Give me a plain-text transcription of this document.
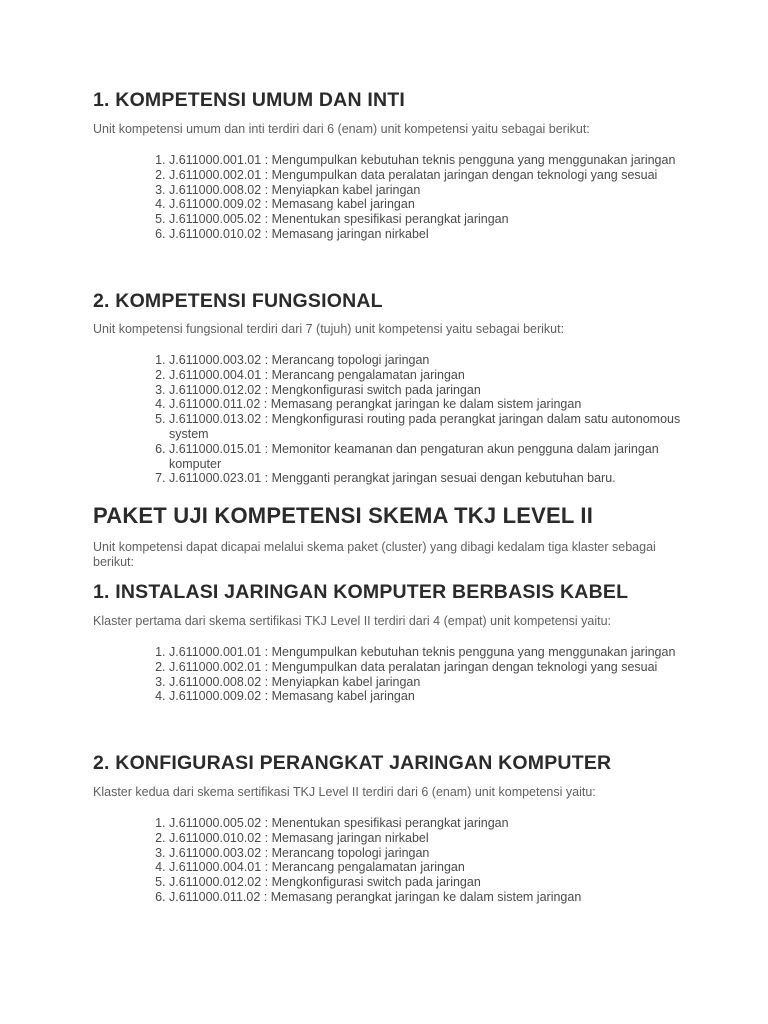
1. KOMPETENSI UMUM DAN INTI

Unit kompetensi umum dan inti terdiri dari 6 (enam) unit kompetensi yaitu sebagai berikut:

1. J.611000.001.01 : Mengumpulkan kebutuhan teknis pengguna yang menggunakan jaringan
2. J.611000.002.01 : Mengumpulkan data peralatan jaringan dengan teknologi yang sesuai
3. J.611000.008.02 : Menyiapkan kabel jaringan
4. J.611000.009.02 : Memasang kabel jaringan
5. J.611000.005.02 : Menentukan spesifikasi perangkat jaringan
6. J.611000.010.02 : Memasang jaringan nirkabel
2. KOMPETENSI FUNGSIONAL

Unit kompetensi fungsional terdiri dari 7 (tujuh) unit kompetensi yaitu sebagai berikut:

1. J.611000.003.02 : Merancang topologi jaringan
2. J.611000.004.01 : Merancang pengalamatan jaringan
3. J.611000.012.02 : Mengkonfigurasi switch pada jaringan
4. J.611000.011.02 : Memasang perangkat jaringan ke dalam sistem jaringan
5. J.611000.013.02 : Mengkonfigurasi routing pada perangkat jaringan dalam satu autonomous system
6. J.611000.015.01 : Memonitor keamanan dan pengaturan akun pengguna dalam jaringan komputer
7. J.611000.023.01 : Mengganti perangkat jaringan sesuai dengan kebutuhan baru.
PAKET UJI KOMPETENSI SKEMA TKJ LEVEL II

Unit kompetensi dapat dicapai melalui skema paket (cluster) yang dibagi kedalam tiga klaster sebagai berikut:

1. INSTALASI JARINGAN KOMPUTER BERBASIS KABEL

Klaster pertama dari skema sertifikasi TKJ Level II terdiri dari 4 (empat) unit kompetensi yaitu:

1. J.611000.001.01 : Mengumpulkan kebutuhan teknis pengguna yang menggunakan jaringan
2. J.611000.002.01 : Mengumpulkan data peralatan jaringan dengan teknologi yang sesuai
3. J.611000.008.02 : Menyiapkan kabel jaringan
4. J.611000.009.02 : Memasang kabel jaringan
2. KONFIGURASI PERANGKAT JARINGAN KOMPUTER

Klaster kedua dari skema sertifikasi TKJ Level II terdiri dari 6 (enam) unit kompetensi yaitu:

1. J.611000.005.02 : Menentukan spesifikasi perangkat jaringan
2. J.611000.010.02 : Memasang jaringan nirkabel
3. J.611000.003.02 : Merancang topologi jaringan
4. J.611000.004.01 : Merancang pengalamatan jaringan
5. J.611000.012.02 : Mengkonfigurasi switch pada jaringan
6. J.611000.011.02 : Memasang perangkat jaringan ke dalam sistem jaringan
